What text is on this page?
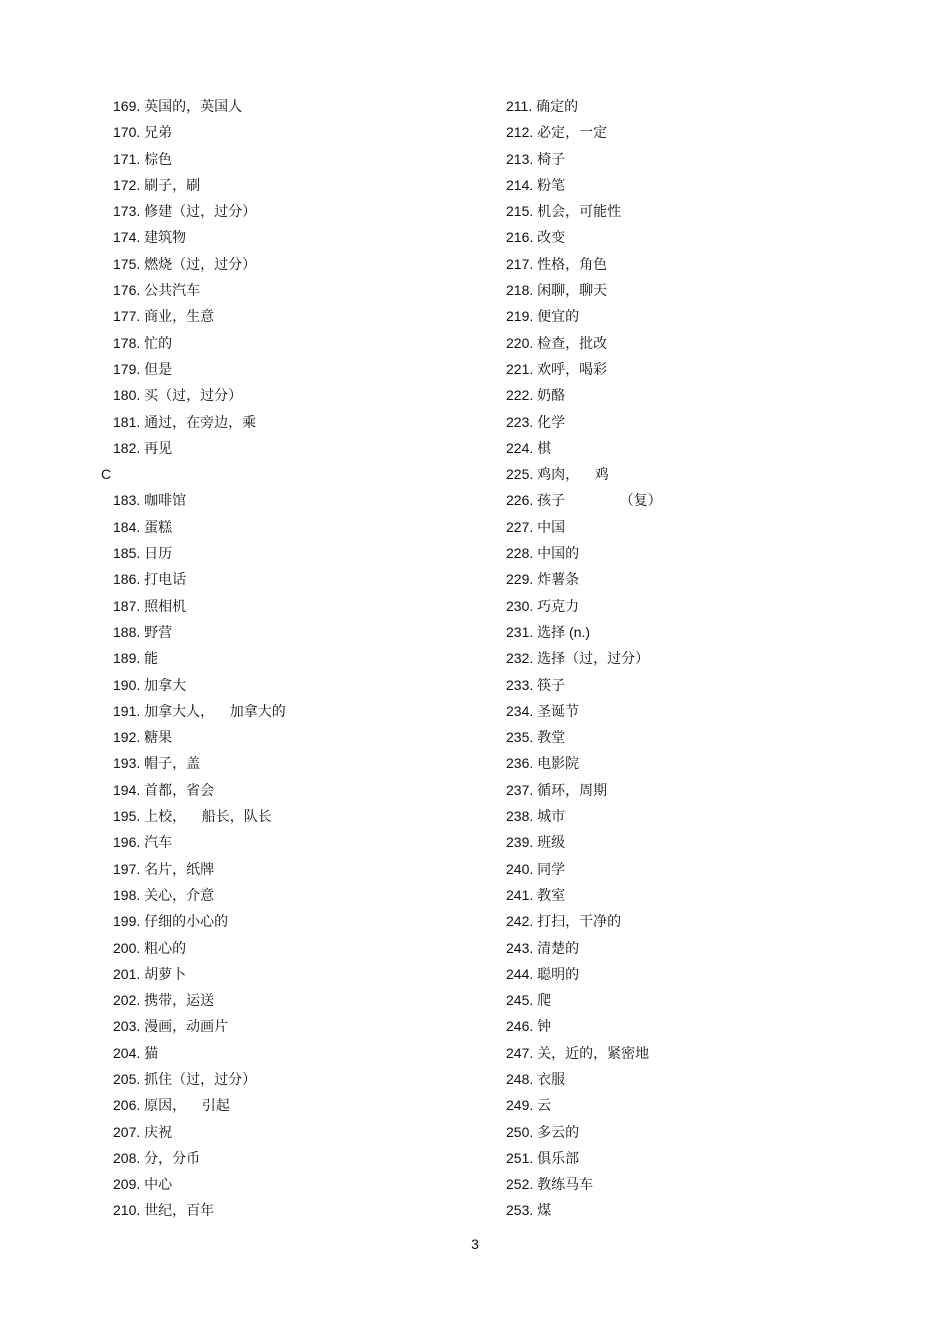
169. 英国的，英国人
170. 兄弟
171. 棕色
172. 刷子，刷
173. 修建（过，过分）
174. 建筑物
175. 燃烧（过，过分）
176. 公共汽车
177. 商业，生意
178. 忙的
179. 但是
180. 买（过，过分）
181. 通过，在旁边，乘
182. 再见
C
183. 咖啡馆
184. 蛋糕
185. 日历
186. 打电话
187. 照相机
188. 野营
189. 能
190. 加拿大
191. 加拿大人，    加拿大的
192. 糖果
193. 帽子，盖
194. 首都，省会
195. 上校，    船长，队长
196. 汽车
197. 名片，纸牌
198. 关心，介意
199. 仔细的小心的
200. 粗心的
201. 胡萝卜
202. 携带，运送
203. 漫画，动画片
204. 猫
205. 抓住（过，过分）
206. 原因，    引起
207. 庆祝
208. 分，分币
209. 中心
210. 世纪，百年
211. 确定的
212. 必定，一定
213. 椅子
214. 粉笔
215. 机会，可能性
216. 改变
217. 性格，角色
218. 闲聊，聊天
219. 便宜的
220. 检查，批改
221. 欢呼，喝彩
222. 奶酪
223. 化学
224. 棋
225. 鸡肉，    鸡
226. 孩子              （复）
227. 中国
228. 中国的
229. 炸薯条
230. 巧克力
231. 选择 (n.)
232. 选择（过，过分）
233. 筷子
234. 圣诞节
235. 教堂
236. 电影院
237. 循环，周期
238. 城市
239. 班级
240. 同学
241. 教室
242. 打扫，干净的
243. 清楚的
244. 聪明的
245. 爬
246. 钟
247. 关，近的，紧密地
248. 衣服
249. 云
250. 多云的
251. 俱乐部
252. 教练马车
253. 煤
3
